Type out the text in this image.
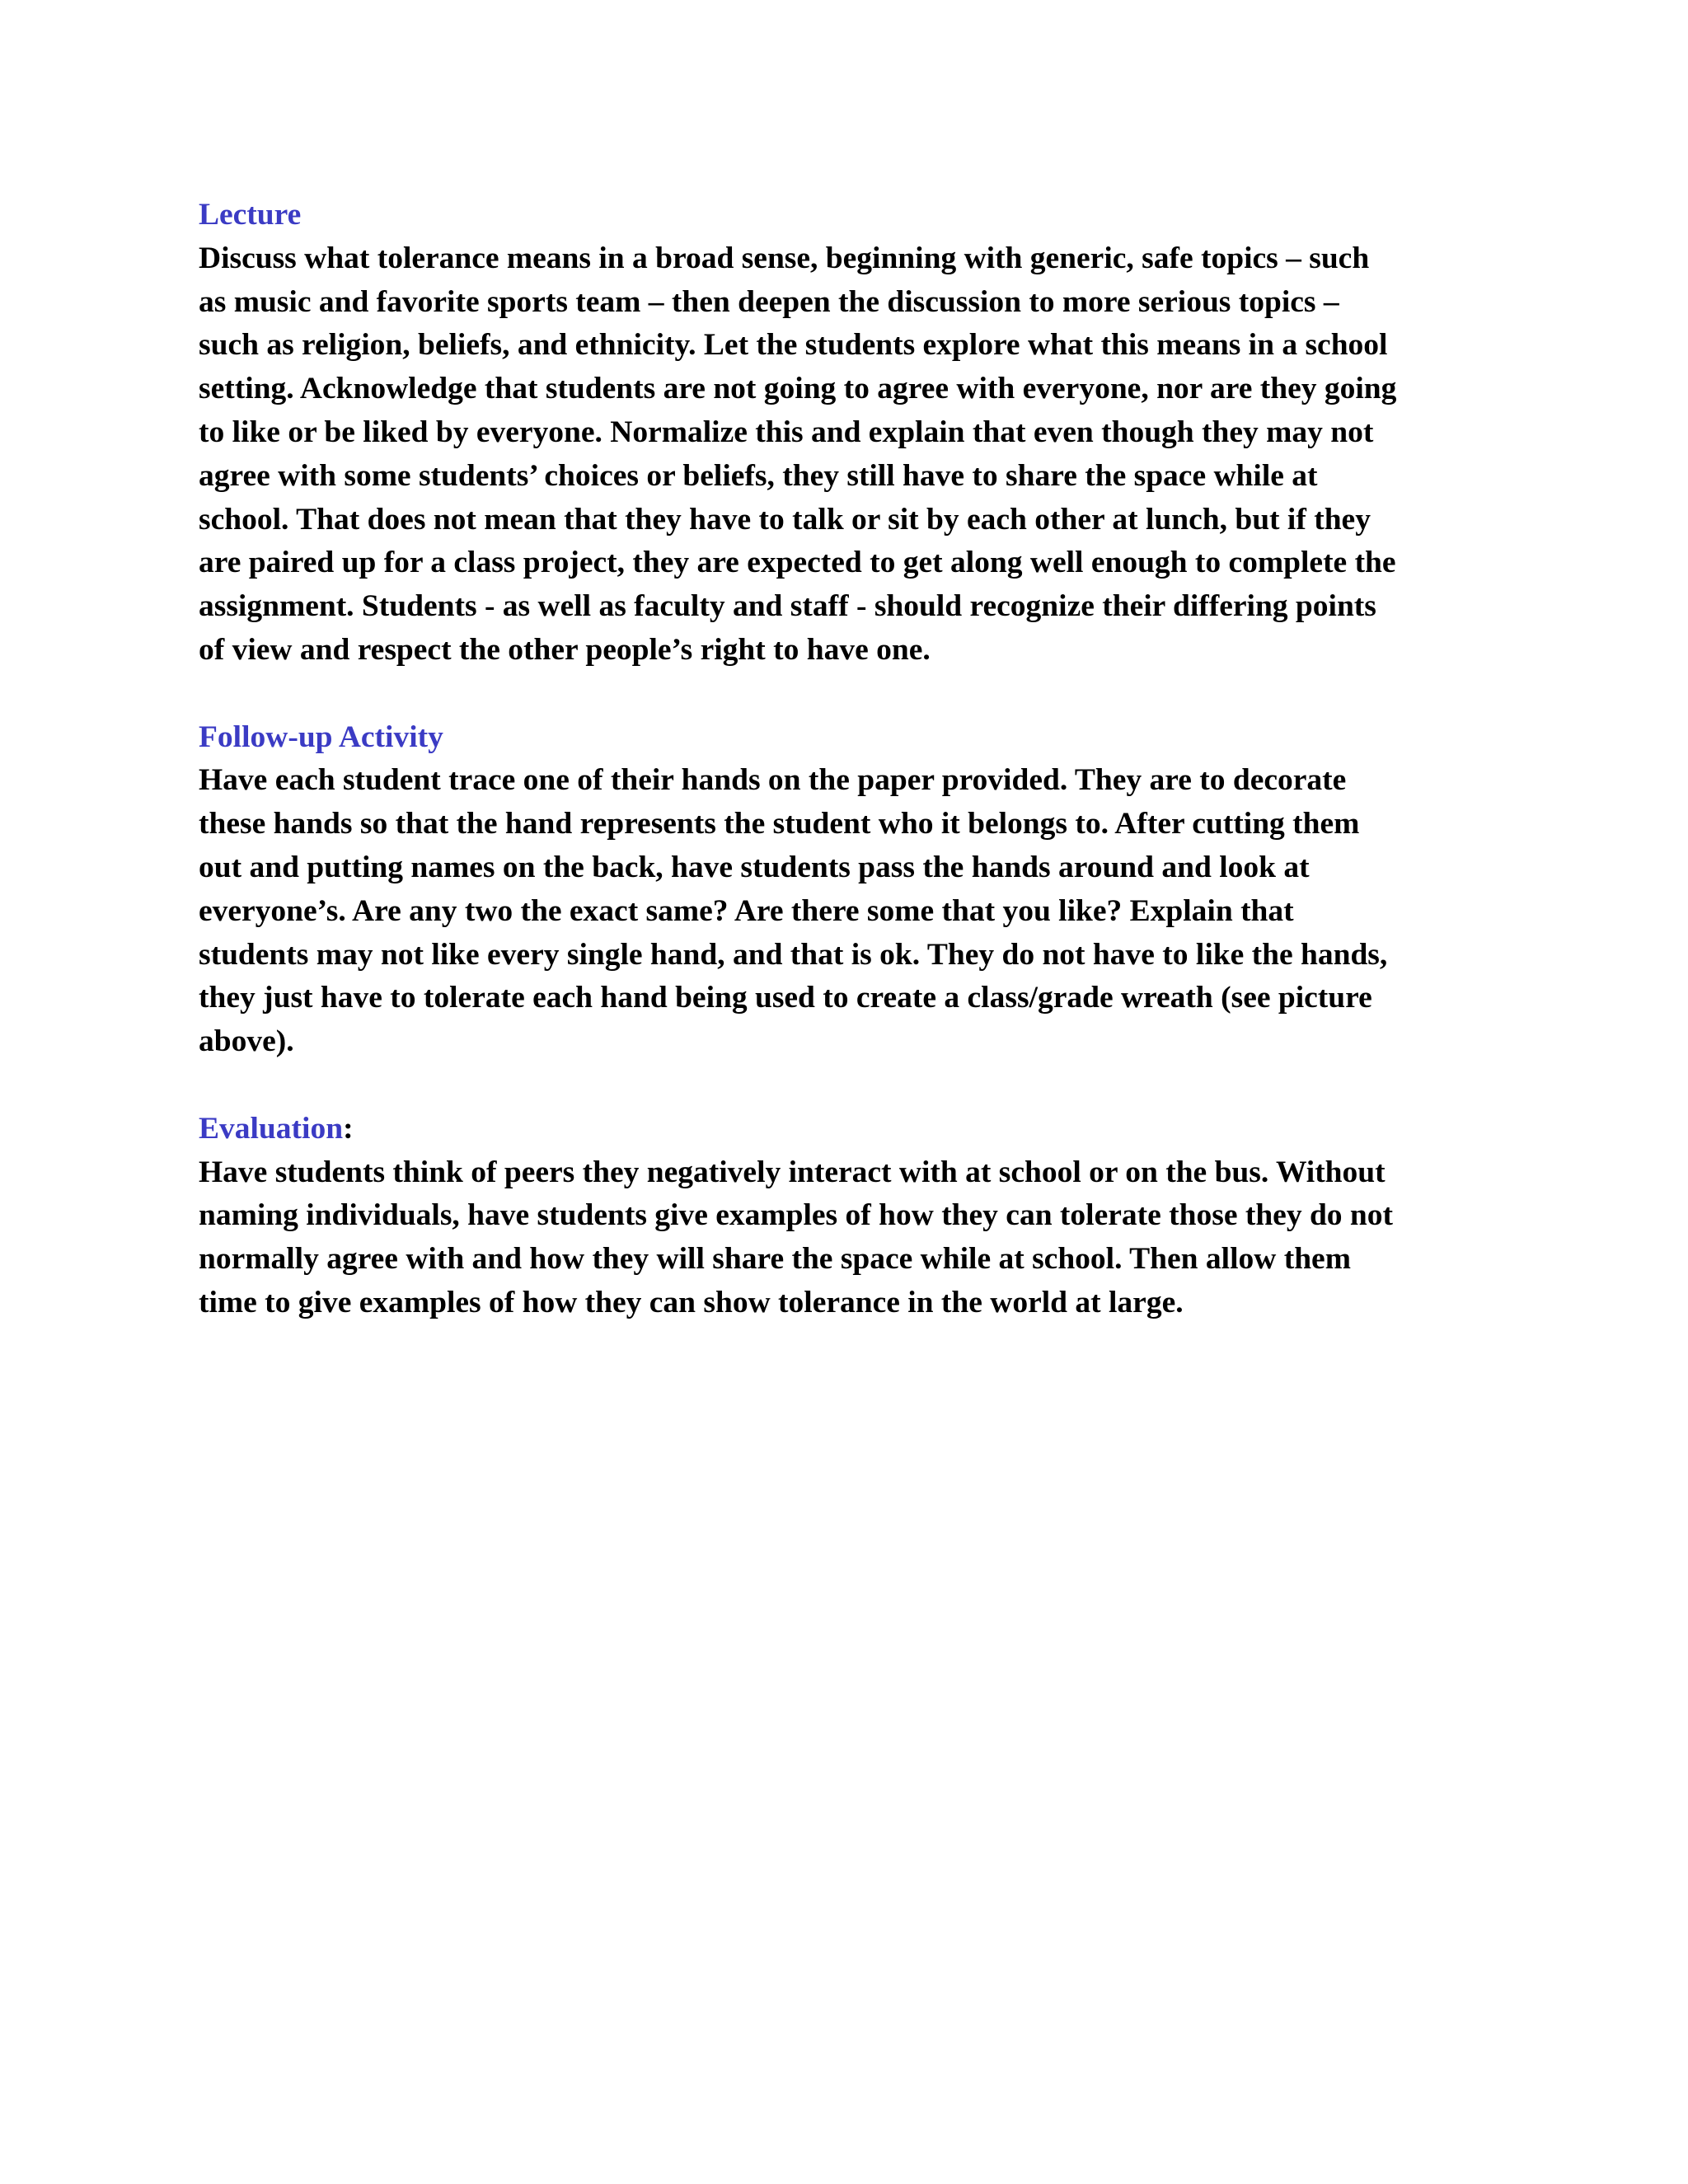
Lecture

Discuss what tolerance means in a broad sense, beginning with generic, safe topics – such
as music and favorite sports team – then deepen the discussion to more serious topics –
such as religion, beliefs, and ethnicity. Let the students explore what this means in a school
setting. Acknowledge that students are not going to agree with everyone, nor are they going
to like or be liked by everyone. Normalize this and explain that even though they may not
agree with some students’ choices or beliefs, they still have to share the space while at
school. That does not mean that they have to talk or sit by each other at lunch, but if they
are paired up for a class project, they are expected to get along well enough to complete the
assignment. Students - as well as faculty and staff - should recognize their differing points
of view and respect the other people’s right to have one.

Follow-up Activity

Have each student trace one of their hands on the paper provided. They are to decorate
these hands so that the hand represents the student who it belongs to. After cutting them
out and putting names on the back, have students pass the hands around and look at
everyone’s. Are any two the exact same? Are there some that you like? Explain that
students may not like every single hand, and that is ok. They do not have to like the hands,
they just have to tolerate each hand being used to create a class/grade wreath (see picture
above).

Evaluation:

Have students think of peers they negatively interact with at school or on the bus. Without
naming individuals, have students give examples of how they can tolerate those they do not
normally agree with and how they will share the space while at school. Then allow them
time to give examples of how they can show tolerance in the world at large.
